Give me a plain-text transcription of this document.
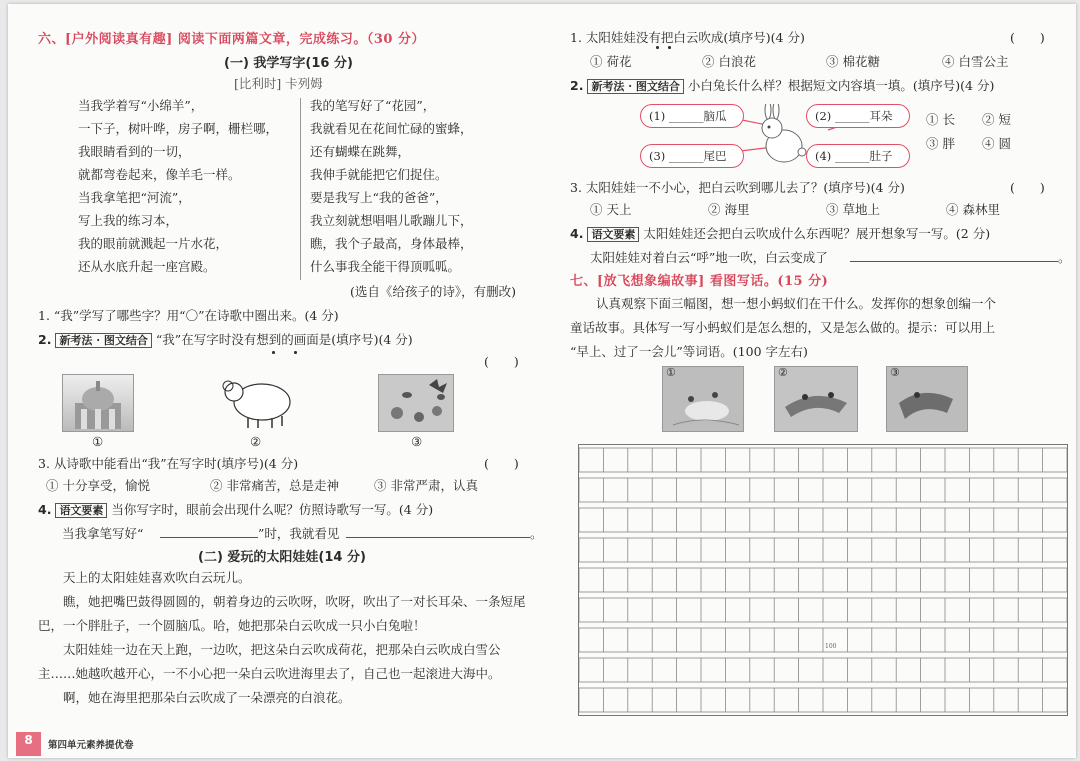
六、[户外阅读真有趣] 阅读下面两篇文章，完成练习。（30 分）
(一) 我学写字(16 分)
[比利时] 卡列姆
当我学着写“小绵羊”，
一下子，树叶哗，房子啊，栅栏哪，
我眼睛看到的一切，
就都弯卷起来，像羊毛一样。
当我拿笔把“河流”，
写上我的练习本，
我的眼前就溅起一片水花，
还从水底升起一座宫殿。
我的笔写好了“花园”，
我就看见在花间忙碌的蜜蜂，
还有蝴蝶在跳舞，
我伸手就能把它们捉住。
要是我写上“我的爸爸”，
我立刻就想唱唱儿歌蹦儿下，
瞧，我个子最高，身体最棒，
什么事我全能干得顶呱呱。
(选自《给孩子的诗》，有删改)
1. “我”学写了哪些字？用“〇”在诗歌中圈出来。(4 分)
2. 新考法 · 图文结合 “我”在写字时没有想到的画面是(填序号)(4 分)
(　　)
①	②	③
3. 从诗歌中能看出“我”在写字时(填序号)(4 分)	(　　)
① 十分享受，愉悦	② 非常痛苦，总是走神	③ 非常严肃，认真
4. 语文要素 当你写字时，眼前会出现什么呢？仿照诗歌写一写。(4 分)
当我拿笔写好“	”时，我就看见	。
(二) 爱玩的太阳娃娃(14 分)
天上的太阳娃娃喜欢吹白云玩儿。
瞧，她把嘴巴鼓得圆圆的，朝着身边的云吹呀，吹呀，吹出了一对长耳朵、一条短尾巴，一个胖肚子，一个圆脑瓜。哈，她把那朵白云吹成一只小白兔啦！
太阳娃娃一边在天上跑，一边吹，把这朵白云吹成荷花，把那朵白云吹成白雪公主……她越吹越开心，一不小心把一朵白云吹进海里去了，自己也一起滚进大海中。
啊，她在海里把那朵白云吹成了一朵漂亮的白浪花。
1. 太阳娃娃没有把白云吹成(填序号)(4 分)	(　　)
① 荷花	② 白浪花	③ 棉花糖	④ 白雪公主
2. 新考法 · 图文结合 小白兔长什么样？根据短文内容填一填。(填序号)(4 分)
(1) ______脑瓜	(2) ______耳朵
(3) ______尾巴	(4) ______肚子
① 长 ② 短
③ 胖 ④ 圆
3. 太阳娃娃一不小心，把白云吹到哪儿去了？(填序号)(4 分)	(　　)
① 天上	② 海里	③ 草地上	④ 森林里
4. 语文要素 太阳娃娃还会把白云吹成什么东西呢？展开想象写一写。(2 分)
太阳娃娃对着白云“呼”地一吹，白云变成了	。
七、[放飞想象编故事] 看图写话。(15 分)
认真观察下面三幅图，想一想小蚂蚁们在干什么。发挥你的想象创编一个
童话故事。具体写一写小蚂蚁们是怎么想的，又是怎么做的。提示：可以用上
“早上、过了一会儿”等词语。(100 字左右)
①	②	③
100
8	第四单元素养提优卷
